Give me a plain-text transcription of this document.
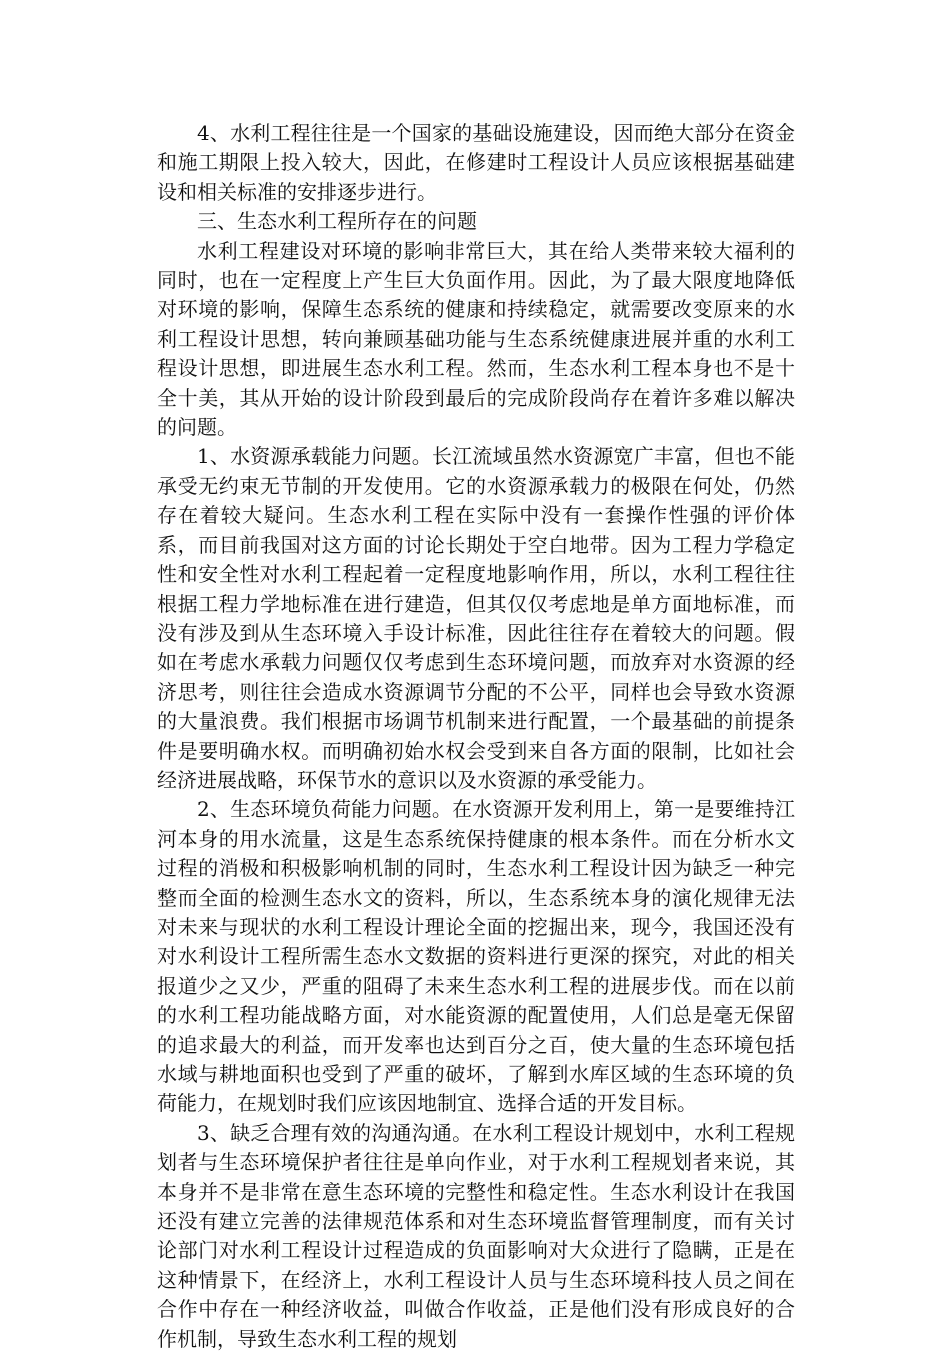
4、水利工程往往是一个国家的基础设施建设，因而绝大部分在资金和施工期限上投入较大，因此，在修建时工程设计人员应该根据基础建设和相关标准的安排逐步进行。

三、生态水利工程所存在的问题

水利工程建设对环境的影响非常巨大，其在给人类带来较大福利的同时，也在一定程度上产生巨大负面作用。因此，为了最大限度地降低对环境的影响，保障生态系统的健康和持续稳定，就需要改变原来的水利工程设计思想，转向兼顾基础功能与生态系统健康进展并重的水利工程设计思想，即进展生态水利工程。然而，生态水利工程本身也不是十全十美，其从开始的设计阶段到最后的完成阶段尚存在着许多难以解决的问题。

1、水资源承载能力问题。长江流域虽然水资源宽广丰富，但也不能承受无约束无节制的开发使用。它的水资源承载力的极限在何处，仍然存在着较大疑问。生态水利工程在实际中没有一套操作性强的评价体系，而目前我国对这方面的讨论长期处于空白地带。因为工程力学稳定性和安全性对水利工程起着一定程度地影响作用，所以，水利工程往往根据工程力学地标准在进行建造，但其仅仅考虑地是单方面地标准，而没有涉及到从生态环境入手设计标准，因此往往存在着较大的问题。假如在考虑水承载力问题仅仅考虑到生态环境问题，而放弃对水资源的经济思考，则往往会造成水资源调节分配的不公平，同样也会导致水资源的大量浪费。我们根据市场调节机制来进行配置，一个最基础的前提条件是要明确水权。而明确初始水权会受到来自各方面的限制，比如社会经济进展战略，环保节水的意识以及水资源的承受能力。

2、生态环境负荷能力问题。在水资源开发利用上，第一是要维持江河本身的用水流量，这是生态系统保持健康的根本条件。而在分析水文过程的消极和积极影响机制的同时，生态水利工程设计因为缺乏一种完整而全面的检测生态水文的资料，所以，生态系统本身的演化规律无法对未来与现状的水利工程设计理论全面的挖掘出来，现今，我国还没有对水利设计工程所需生态水文数据的资料进行更深的探究，对此的相关报道少之又少，严重的阻碍了未来生态水利工程的进展步伐。而在以前的水利工程功能战略方面，对水能资源的配置使用，人们总是毫无保留的追求最大的利益，而开发率也达到百分之百，使大量的生态环境包括水域与耕地面积也受到了严重的破坏，了解到水库区域的生态环境的负荷能力，在规划时我们应该因地制宜、选择合适的开发目标。

3、缺乏合理有效的沟通沟通。在水利工程设计规划中，水利工程规划者与生态环境保护者往往是单向作业，对于水利工程规划者来说，其本身并不是非常在意生态环境的完整性和稳定性。生态水利设计在我国还没有建立完善的法律规范体系和对生态环境监督管理制度，而有关讨论部门对水利工程设计过程造成的负面影响对大众进行了隐瞒，正是在这种情景下，在经济上，水利工程设计人员与生态环境科技人员之间在合作中存在一种经济收益，叫做合作收益，正是他们没有形成良好的合作机制，导致生态水利工程的规划
